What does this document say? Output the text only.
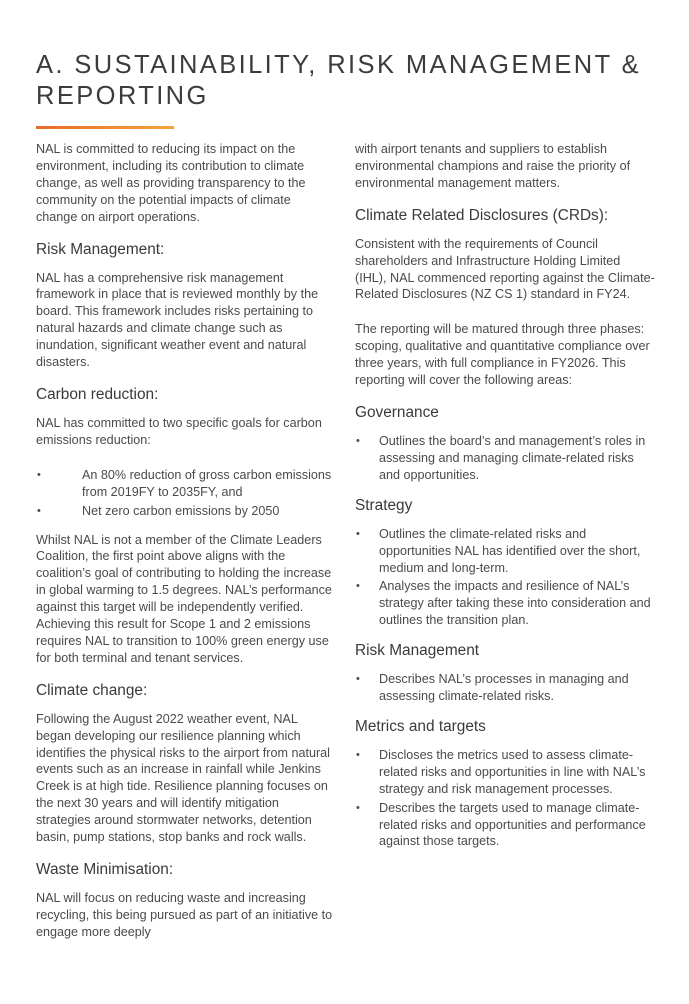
A. SUSTAINABILITY, RISK MANAGEMENT & REPORTING

NAL is committed to reducing its impact on the environment, including its contribution to climate change, as well as providing transparency to the community on the potential impacts of climate change on airport operations.

Risk Management:

NAL has a comprehensive risk management framework in place that is reviewed monthly by the board. This framework includes risks pertaining to natural hazards and climate change such as inundation, significant weather event and natural disasters.

Carbon reduction:

NAL has committed to two specific goals for carbon emissions reduction:

• An 80% reduction of gross carbon emissions from 2019FY to 2035FY, and
• Net zero carbon emissions by 2050

Whilst NAL is not a member of the Climate Leaders Coalition, the first point above aligns with the coalition’s goal of contributing to holding the increase in global warming to 1.5 degrees. NAL’s performance against this target will be independently verified. Achieving this result for Scope 1 and 2 emissions requires NAL to transition to 100% green energy use for both terminal and tenant services.

Climate change:

Following the August 2022 weather event, NAL began developing our resilience planning which identifies the physical risks to the airport from natural events such as an increase in rainfall while Jenkins Creek is at high tide. Resilience planning focuses on the next 30 years and will identify mitigation strategies around stormwater networks, detention basin, pump stations, stop banks and rock walls.

Waste Minimisation:

NAL will focus on reducing waste and increasing recycling, this being pursued as part of an initiative to engage more deeply

with airport tenants and suppliers to establish environmental champions and raise the priority of environmental management matters.

Climate Related Disclosures (CRDs):

Consistent with the requirements of Council shareholders and Infrastructure Holding Limited (IHL), NAL commenced reporting against the Climate-Related Disclosures (NZ CS 1) standard in FY24.

The reporting will be matured through three phases: scoping, qualitative and quantitative compliance over three years, with full compliance in FY2026. This reporting will cover the following areas:

Governance
• Outlines the board’s and management’s roles in assessing and managing climate-related risks and opportunities.
Strategy
• Outlines the climate-related risks and opportunities NAL has identified over the short, medium and long-term.
• Analyses the impacts and resilience of NAL’s strategy after taking these into consideration and outlines the transition plan.
Risk Management
• Describes NAL’s processes in managing and assessing climate-related risks.
Metrics and targets
• Discloses the metrics used to assess climate-related risks and opportunities in line with NAL’s strategy and risk management processes.
• Describes the targets used to manage climate-related risks and opportunities and performance against those targets.
